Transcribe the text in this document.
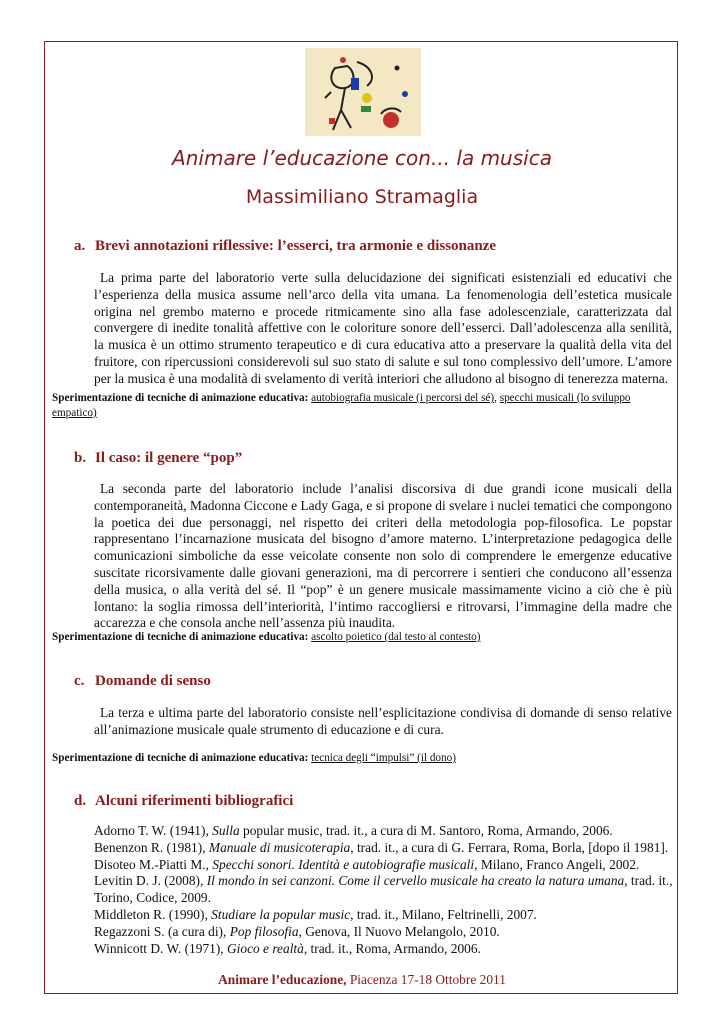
Animare l’educazione con... la musica
Massimiliano Stramaglia
a. Brevi annotazioni riflessive: l’esserci, tra armonie e dissonanze

La prima parte del laboratorio verte sulla delucidazione dei significati esistenziali ed educativi che l’esperienza della musica assume nell’arco della vita umana. La fenomenologia dell’estetica musicale origina nel grembo materno e procede ritmicamente sino alla fase adolescenziale, caratterizzata dal convergere di inedite tonalità affettive con le coloriture sonore dell’esserci. Dall’adolescenza alla senilità, la musica è un ottimo strumento terapeutico e di cura educativa atto a preservare la qualità della vita del fruitore, con ripercussioni considerevoli sul suo stato di salute e sul tono complessivo dell’umore. L’amore per la musica è una modalità di svelamento di verità interiori che alludono al bisogno di tenerezza materna.

Sperimentazione di tecniche di animazione educativa: autobiografia musicale (i percorsi del sé), specchi musicali (lo sviluppo empatico)

b. Il caso: il genere “pop”

La seconda parte del laboratorio include l’analisi discorsiva di due grandi icone musicali della contemporaneità, Madonna Ciccone e Lady Gaga, e si propone di svelare i nuclei tematici che compongono la poetica dei due personaggi, nel rispetto dei criteri della metodologia pop-filosofica. Le popstar rappresentano l’incarnazione musicata del bisogno d’amore materno. L’interpretazione pedagogica delle comunicazioni simboliche da esse veicolate consente non solo di comprendere le emergenze educative suscitate ricorsivamente dalle giovani generazioni, ma di percorrere i sentieri che conducono all’essenza della musica, o alla verità del sé. Il “pop” è un genere musicale massimamente vicino a ciò che è più lontano: la soglia rimossa dell’interiorità, l’intimo raccogliersi e ritrovarsi, l’immagine della madre che accarezza e che consola anche nell’assenza più inaudita.

Sperimentazione di tecniche di animazione educativa: ascolto poietico (dal testo al contesto)

c. Domande di senso

La terza e ultima parte del laboratorio consiste nell’esplicitazione condivisa di domande di senso relative all’animazione musicale quale strumento di educazione e di cura.

Sperimentazione di tecniche di animazione educativa: tecnica degli “impulsi” (il dono)

d. Alcuni riferimenti bibliografici
Adorno T. W. (1941), Sulla popular music, trad. it., a cura di M. Santoro, Roma, Armando, 2006.
Benenzon R. (1981), Manuale di musicoterapia, trad. it., a cura di G. Ferrara, Roma, Borla, [dopo il 1981].
Disoteo M.-Piatti M., Specchi sonori. Identità e autobiografie musicali, Milano, Franco Angeli, 2002.
Levitin D. J. (2008), Il mondo in sei canzoni. Come il cervello musicale ha creato la natura umana, trad. it., Torino, Codice, 2009.
Middleton R. (1990), Studiare la popular music, trad. it., Milano, Feltrinelli, 2007.
Regazzoni S. (a cura di), Pop filosofia, Genova, Il Nuovo Melangolo, 2010.
Winnicott D. W. (1971), Gioco e realtà, trad. it., Roma, Armando, 2006.

Animare l’educazione, Piacenza 17-18 Ottobre 2011
